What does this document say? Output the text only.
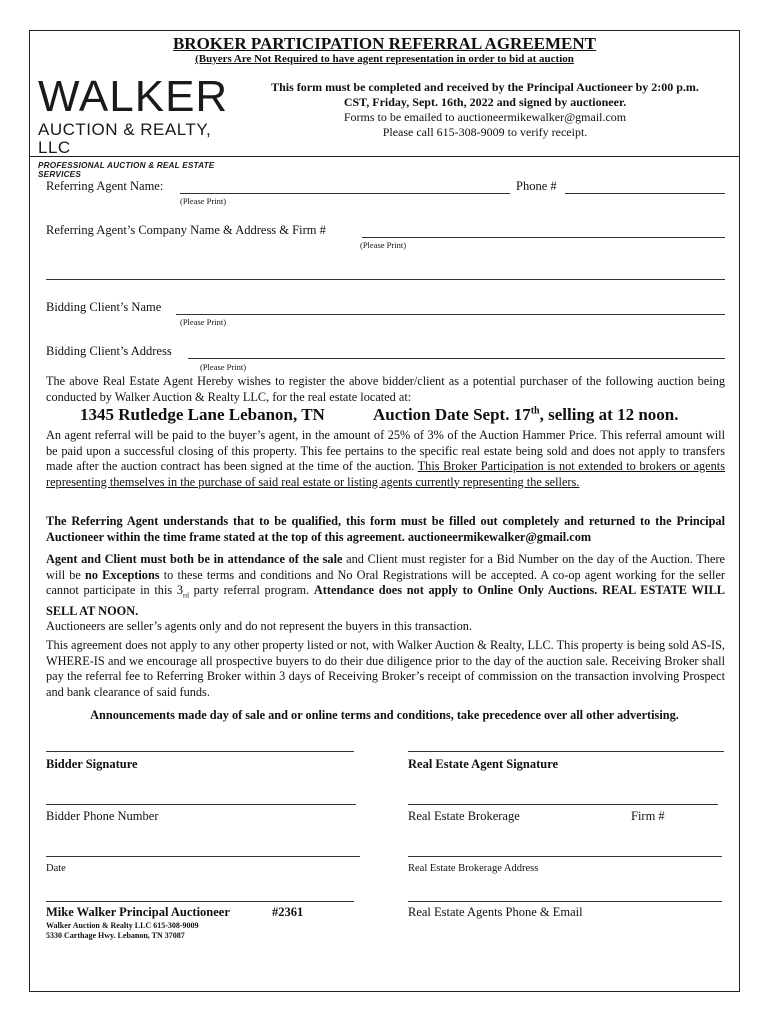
BROKER PARTICIPATION REFERRAL AGREEMENT
(Buyers Are Not Required to have agent representation in order to bid at auction
WALKER
AUCTION & REALTY, LLC
PROFESSIONAL AUCTION & REAL ESTATE SERVICES
This form must be completed and received by the Principal Auctioneer by 2:00 p.m.
CST, Friday, Sept. 16th, 2022 and signed by auctioneer.
Forms to be emailed to auctioneermikewalker@gmail.com
Please call 615-308-9009 to verify receipt.
Referring Agent Name:	Phone #
(Please Print)
Referring Agent’s Company Name & Address & Firm #
(Please Print)
Bidding Client’s Name
(Please Print)
Bidding Client’s Address
(Please Print)

The above Real Estate Agent Hereby wishes to register the above bidder/client as a potential purchaser of the following auction being conducted by Walker Auction & Realty LLC, for the real estate located at:

1345 Rutledge Lane Lebanon, TN	Auction Date Sept. 17th, selling at 12 noon.

An agent referral will be paid to the buyer’s agent, in the amount of 25% of 3% of the Auction Hammer Price. This referral amount will be paid upon a successful closing of this property. This fee pertains to the specific real estate being sold and does not apply to transfers made after the auction contract has been signed at the time of the auction. This Broker Participation is not extended to brokers or agents representing themselves in the purchase of said real estate or listing agents currently representing the sellers.

The Referring Agent understands that to be qualified, this form must be filled out completely and returned to the Principal Auctioneer within the time frame stated at the top of this agreement. auctioneermikewalker@gmail.com

Agent and Client must both be in attendance of the sale and Client must register for a Bid Number on the day of the Auction. There will be no Exceptions to these terms and conditions and No Oral Registrations will be accepted. A co-op agent working for the seller cannot participate in this $3_{rd}$ party referral program. Attendance does not apply to Online Only Auctions. REAL ESTATE WILL SELL AT NOON.

Auctioneers are seller’s agents only and do not represent the buyers in this transaction.

This agreement does not apply to any other property listed or not, with Walker Auction & Realty, LLC. This property is being sold AS-IS, WHERE-IS and we encourage all prospective buyers to do their due diligence prior to the day of the auction sale. Receiving Broker shall pay the referral fee to Referring Broker within 3 days of Receiving Broker’s receipt of commission on the transaction involving Prospect and bank clearance of said funds.

Announcements made day of sale and or online terms and conditions, take precedence over all other advertising.
Bidder Signature	Real Estate Agent Signature
Bidder Phone Number	Real Estate Brokerage	Firm #
Date	Real Estate Brokerage Address
Mike Walker Principal Auctioneer	#2361	Real Estate Agents Phone & Email
Walker Auction & Realty LLC 615-308-9009
5330 Carthage Hwy. Lebanon, TN 37087
